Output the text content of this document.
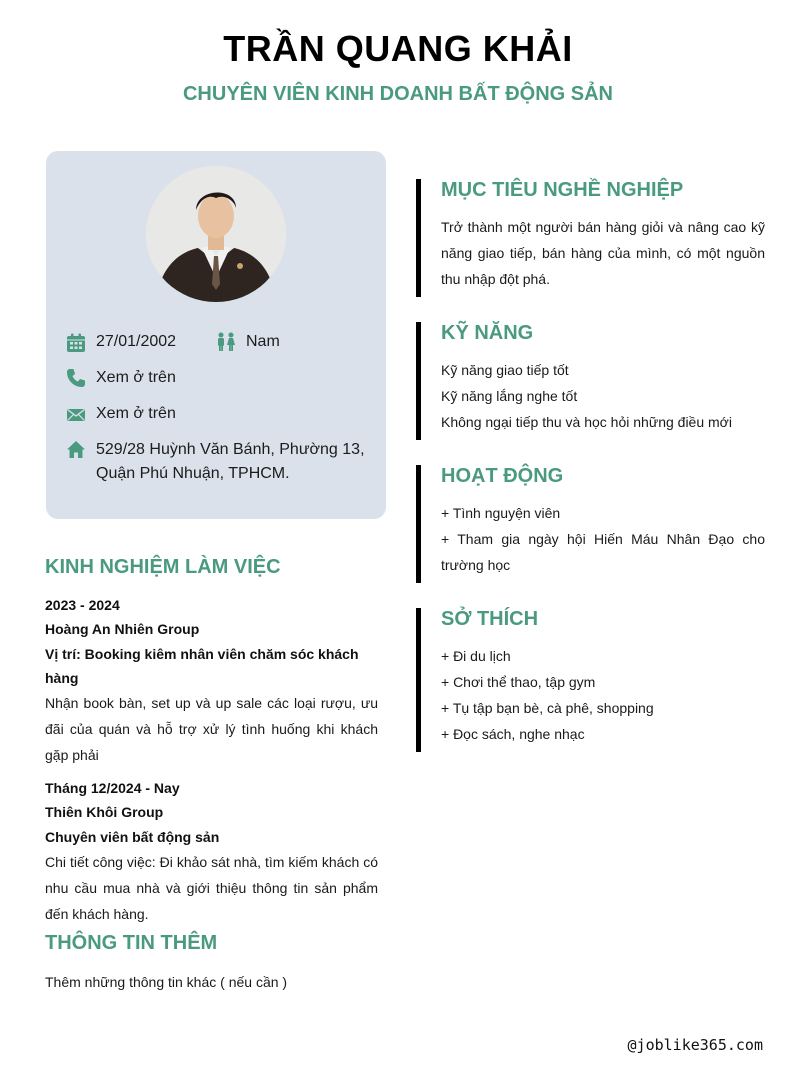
TRẦN QUANG KHẢI
CHUYÊN VIÊN KINH DOANH BẤT ĐỘNG SẢN
27/01/2002	Nam
Xem ở trên
Xem ở trên
529/28 Huỳnh Văn Bánh, Phường 13,
Quận Phú Nhuận, TPHCM.
KINH NGHIỆM LÀM VIỆC
2023 - 2024
Hoàng An Nhiên Group
Vị trí: Booking kiêm nhân viên chăm sóc khách hàng
Nhận book bàn, set up và up sale các loại rượu, ưu đãi của quán và hỗ trợ xử lý tình huống khi khách gặp phải
Tháng 12/2024 - Nay
Thiên Khôi Group
Chuyên viên bất động sản
Chi tiết công việc: Đi khảo sát nhà, tìm kiếm khách có nhu cầu mua nhà và giới thiệu thông tin sản phẩm đến khách hàng.
THÔNG TIN THÊM
Thêm những thông tin khác ( nếu cần )
MỤC TIÊU NGHỀ NGHIỆP
Trở thành một người bán hàng giỏi và nâng cao kỹ năng giao tiếp, bán hàng của mình, có một nguồn thu nhập đột phá.
KỸ NĂNG
Kỹ năng giao tiếp tốt
Kỹ năng lắng nghe tốt
Không ngại tiếp thu và học hỏi những điều mới
HOẠT ĐỘNG
+ Tình nguyện viên
+ Tham gia ngày hội Hiến Máu Nhân Đạo cho trường học
SỞ THÍCH
+ Đi du lịch
+ Chơi thể thao, tập gym
+ Tụ tập bạn bè, cà phê, shopping
+ Đọc sách, nghe nhạc
@joblike365.com
